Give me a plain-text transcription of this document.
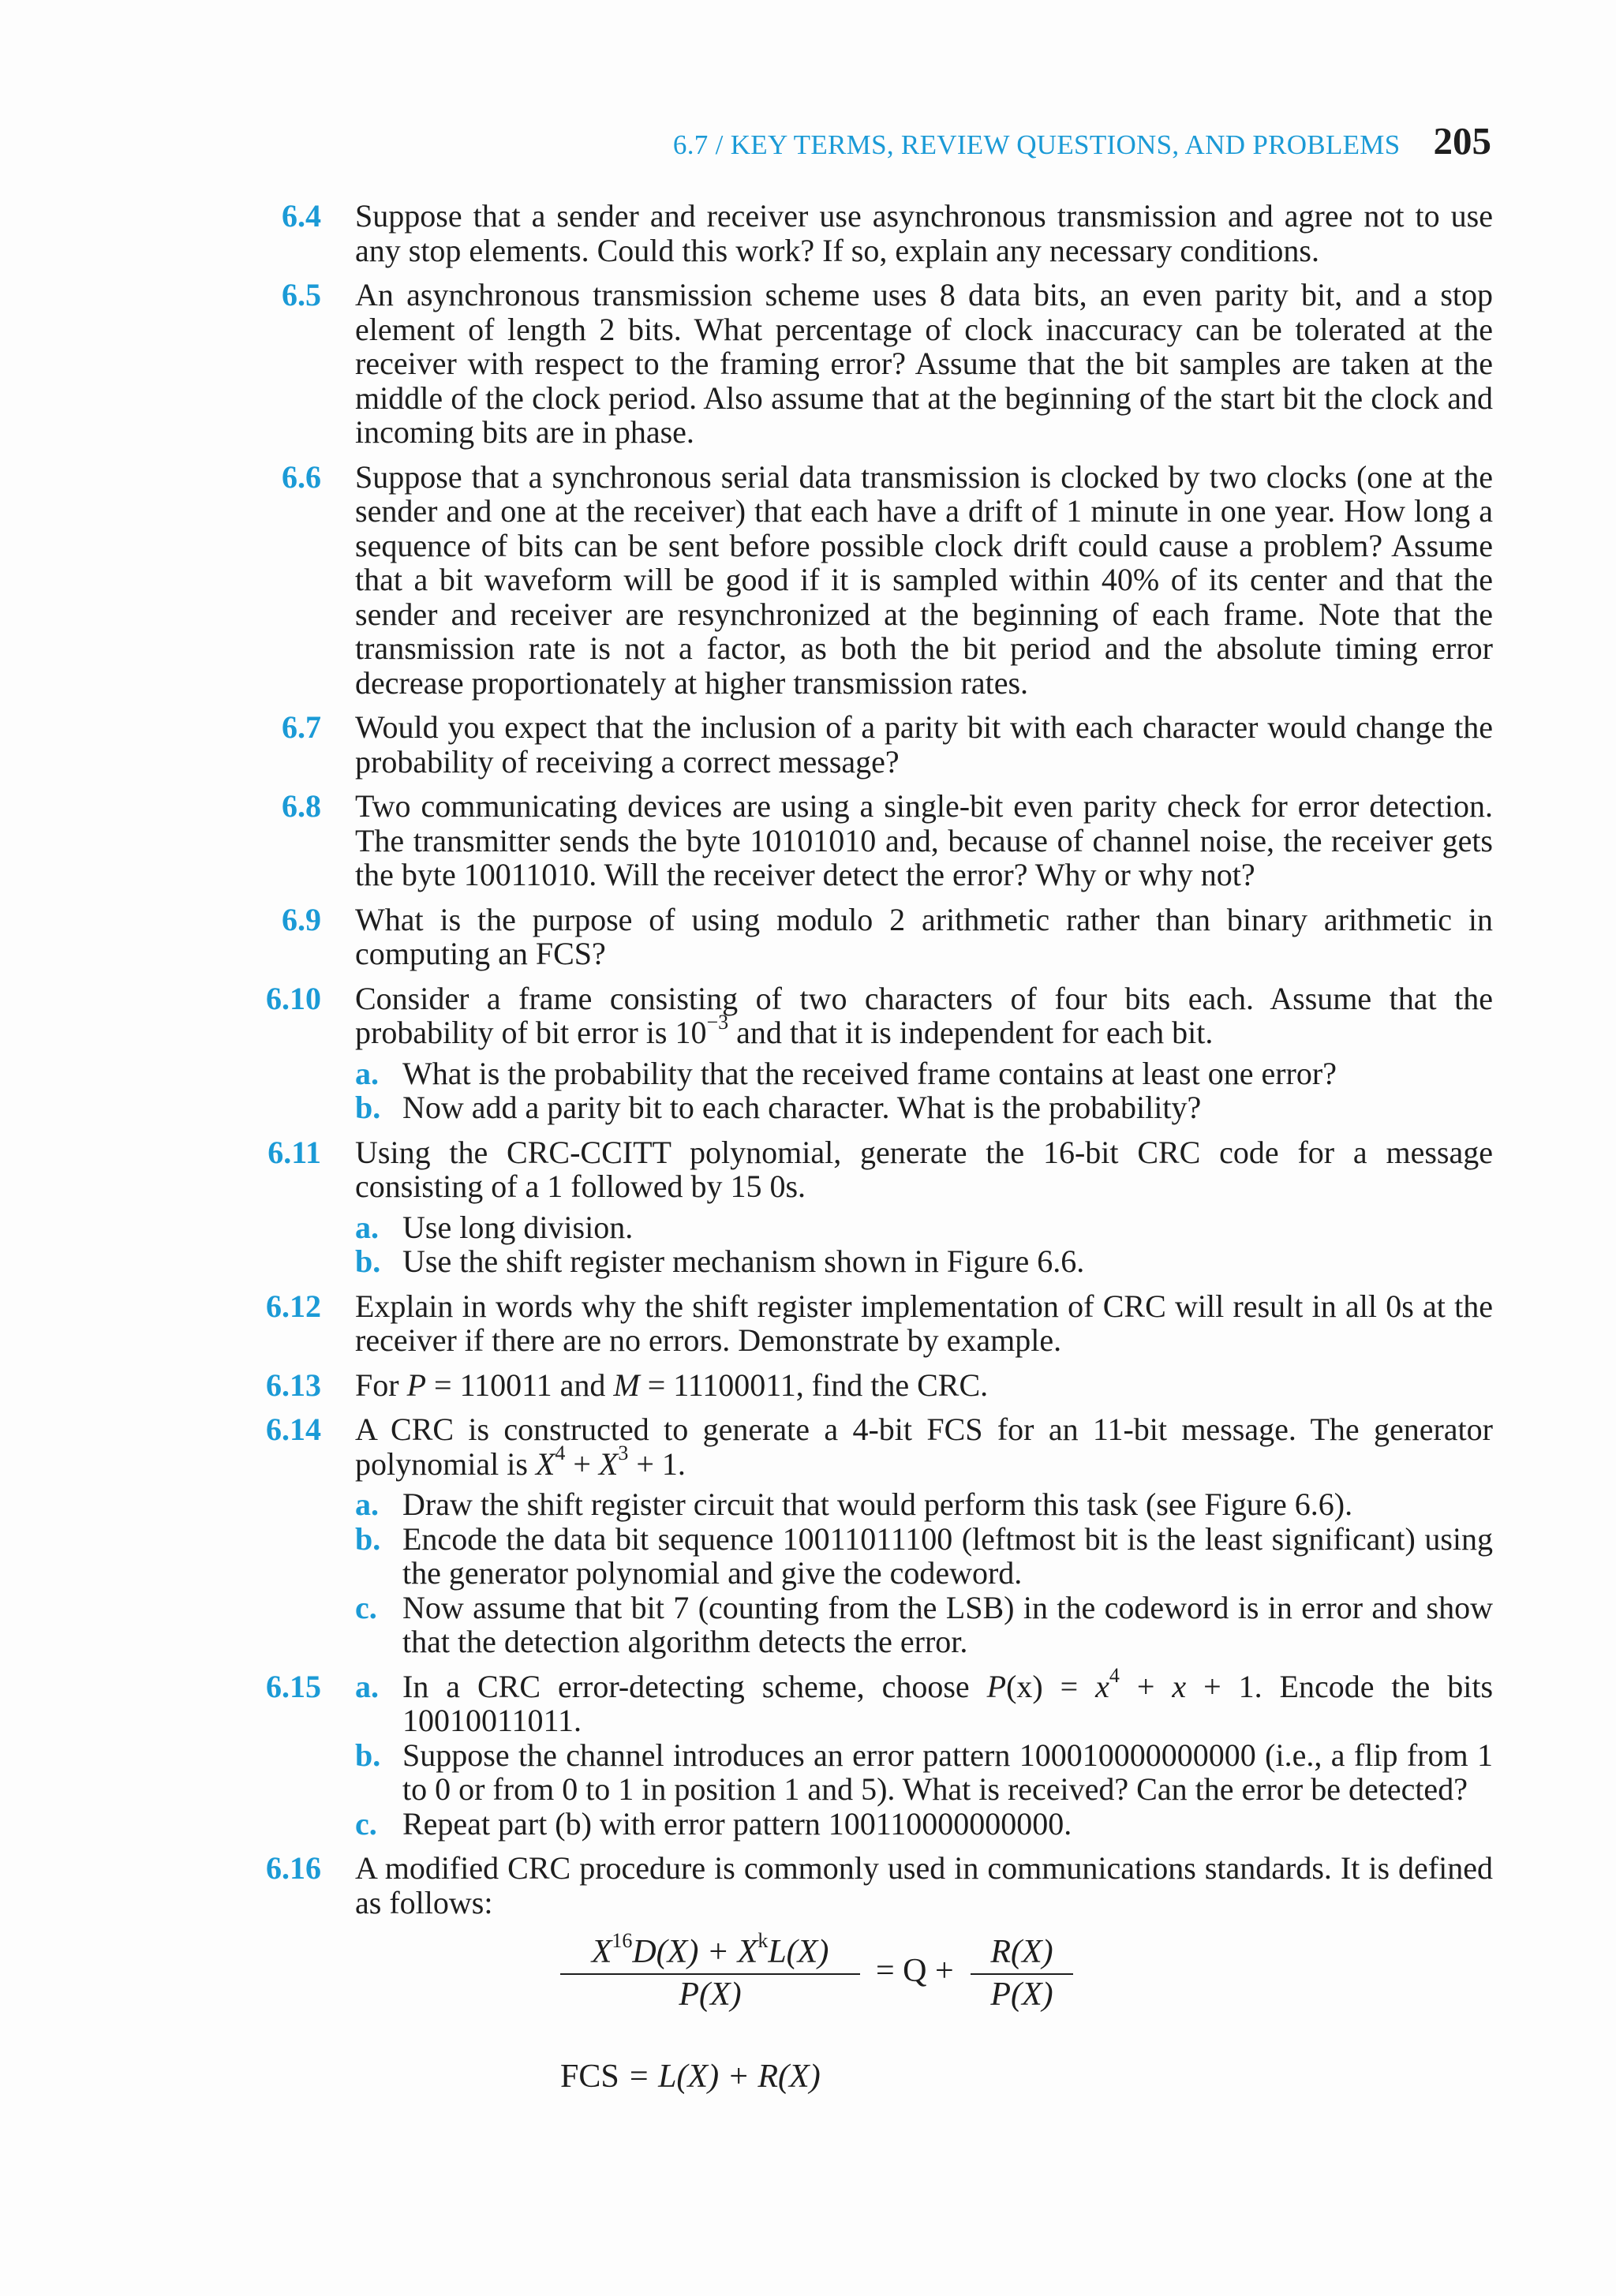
6.7 / KEY TERMS, REVIEW QUESTIONS, AND PROBLEMS 205
6.4 Suppose that a sender and receiver use asynchronous transmission and agree not to use any stop elements. Could this work? If so, explain any necessary conditions.
6.5 An asynchronous transmission scheme uses 8 data bits, an even parity bit, and a stop element of length 2 bits. What percentage of clock inaccuracy can be tolerated at the receiver with respect to the framing error? Assume that the bit samples are taken at the middle of the clock period. Also assume that at the beginning of the start bit the clock and incoming bits are in phase.
6.6 Suppose that a synchronous serial data transmission is clocked by two clocks (one at the sender and one at the receiver) that each have a drift of 1 minute in one year. How long a sequence of bits can be sent before possible clock drift could cause a problem? Assume that a bit waveform will be good if it is sampled within 40% of its center and that the sender and receiver are resynchronized at the beginning of each frame. Note that the transmission rate is not a factor, as both the bit period and the absolute timing error decrease proportionately at higher transmission rates.
6.7 Would you expect that the inclusion of a parity bit with each character would change the probability of receiving a correct message?
6.8 Two communicating devices are using a single-bit even parity check for error detection. The transmitter sends the byte 10101010 and, because of channel noise, the receiver gets the byte 10011010. Will the receiver detect the error? Why or why not?
6.9 What is the purpose of using modulo 2 arithmetic rather than binary arithmetic in computing an FCS?
6.10 Consider a frame consisting of two characters of four bits each. Assume that the probability of bit error is $10^{-3}$ and that it is independent for each bit.
a. What is the probability that the received frame contains at least one error?
b. Now add a parity bit to each character. What is the probability?
6.11 Using the CRC-CCITT polynomial, generate the 16-bit CRC code for a message consisting of a 1 followed by 15 0s.
a. Use long division.
b. Use the shift register mechanism shown in Figure 6.6.
6.12 Explain in words why the shift register implementation of CRC will result in all 0s at the receiver if there are no errors. Demonstrate by example.
6.13 For P = 110011 and M = 11100011, find the CRC.
6.14 A CRC is constructed to generate a 4-bit FCS for an 11-bit message. The generator polynomial is $X^4 + X^3 + 1$.
a. Draw the shift register circuit that would perform this task (see Figure 6.6).
b. Encode the data bit sequence 10011011100 (leftmost bit is the least significant) using the generator polynomial and give the codeword.
c. Now assume that bit 7 (counting from the LSB) in the codeword is in error and show that the detection algorithm detects the error.
6.15 a. In a CRC error-detecting scheme, choose $P(x) = x^4 + x + 1$. Encode the bits 10010011011.
b. Suppose the channel introduces an error pattern 100010000000000 (i.e., a flip from 1 to 0 or from 0 to 1 in position 1 and 5). What is received? Can the error be detected?
c. Repeat part (b) with error pattern 100110000000000.
6.16 A modified CRC procedure is commonly used in communications standards. It is defined as follows:
$X^{16}D(X) + X^kL(X)$
P(X)
= $Q + \frac{R(X)}{P(X)}$
FCS = L(X) + R(X)
